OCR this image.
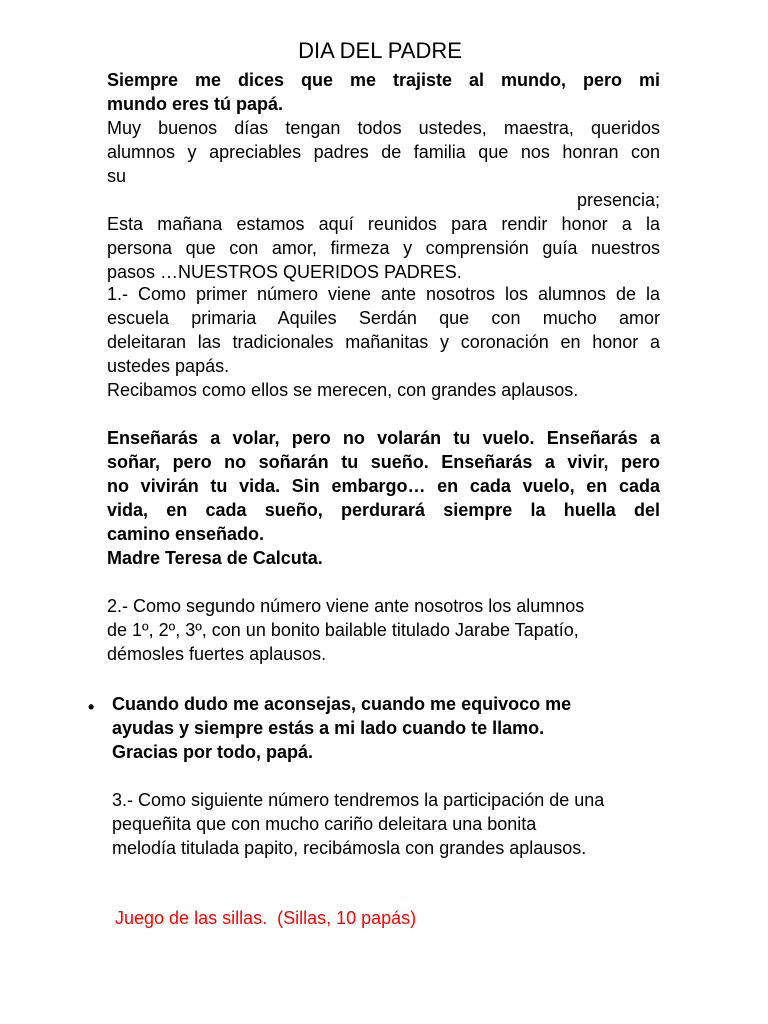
DIA DEL PADRE
Siempre me dices que me trajiste al mundo, pero mi
mundo eres tú papá.
Muy buenos días tengan todos ustedes, maestra, queridos
alumnos y apreciables padres de familia que nos honran con
su
presencia;
Esta mañana estamos aquí reunidos para rendir honor a la
persona que con amor, firmeza y comprensión guía nuestros
pasos …NUESTROS QUERIDOS PADRES.
1.- Como primer número viene ante nosotros los alumnos de la
escuela primaria Aquiles Serdán que con mucho amor
deleitaran las tradicionales mañanitas y coronación en honor a
ustedes papás.
Recibamos como ellos se merecen, con grandes aplausos.
Enseñarás a volar, pero no volarán tu vuelo. Enseñarás a
soñar, pero no soñarán tu sueño. Enseñarás a vivir, pero
no vivirán tu vida. Sin embargo… en cada vuelo, en cada
vida, en cada sueño, perdurará siempre la huella del
camino enseñado.
Madre Teresa de Calcuta.
2.- Como segundo número viene ante nosotros los alumnos
de 1º, 2º, 3º, con un bonito bailable titulado Jarabe Tapatío,
démosles fuertes aplausos.
• Cuando dudo me aconsejas, cuando me equivoco me
ayudas y siempre estás a mi lado cuando te llamo.
Gracias por todo, papá.
3.- Como siguiente número tendremos la participación de una
pequeñita que con mucho cariño deleitara una bonita
melodía titulada papito, recibámosla con grandes aplausos.
Juego de las sillas.  (Sillas, 10 papás)
